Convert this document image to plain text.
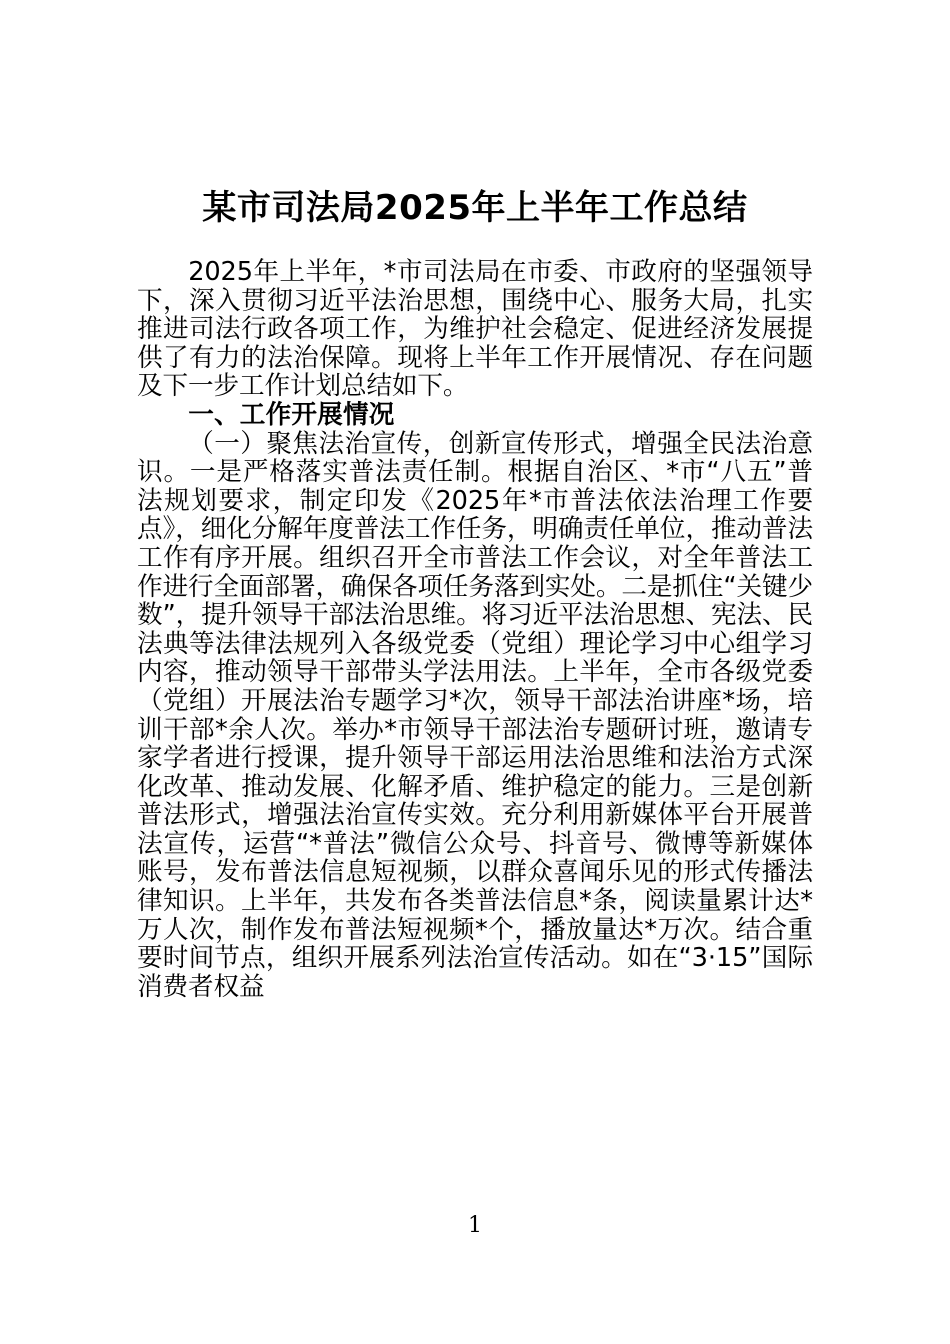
某市司法局2025年上半年工作总结

2025年上半年，*市司法局在市委、市政府的坚强领导下，深入贯彻习近平法治思想，围绕中心、服务大局，扎实推进司法行政各项工作，为维护社会稳定、促进经济发展提供了有力的法治保障。现将上半年工作开展情况、存在问题及下一步工作计划总结如下。

一、工作开展情况

（一）聚焦法治宣传，创新宣传形式，增强全民法治意识。一是严格落实普法责任制。根据自治区、*市“八五”普法规划要求，制定印发《2025年*市普法依法治理工作要点》，细化分解年度普法工作任务，明确责任单位，推动普法工作有序开展。组织召开全市普法工作会议，对全年普法工作进行全面部署，确保各项任务落到实处。二是抓住“关键少数”，提升领导干部法治思维。将习近平法治思想、宪法、民法典等法律法规列入各级党委（党组）理论学习中心组学习内容，推动领导干部带头学法用法。上半年，全市各级党委（党组）开展法治专题学习*次，领导干部法治讲座*场，培训干部*余人次。举办*市领导干部法治专题研讨班，邀请专家学者进行授课，提升领导干部运用法治思维和法治方式深化改革、推动发展、化解矛盾、维护稳定的能力。三是创新普法形式，增强法治宣传实效。充分利用新媒体平台开展普法宣传，运营“*普法”微信公众号、抖音号、微博等新媒体账号，发布普法信息短视频，以群众喜闻乐见的形式传播法律知识。上半年，共发布各类普法信息*条，阅读量累计达*万人次，制作发布普法短视频*个，播放量达*万次。结合重要时间节点，组织开展系列法治宣传活动。如在“3·15”国际消费者权益

1
